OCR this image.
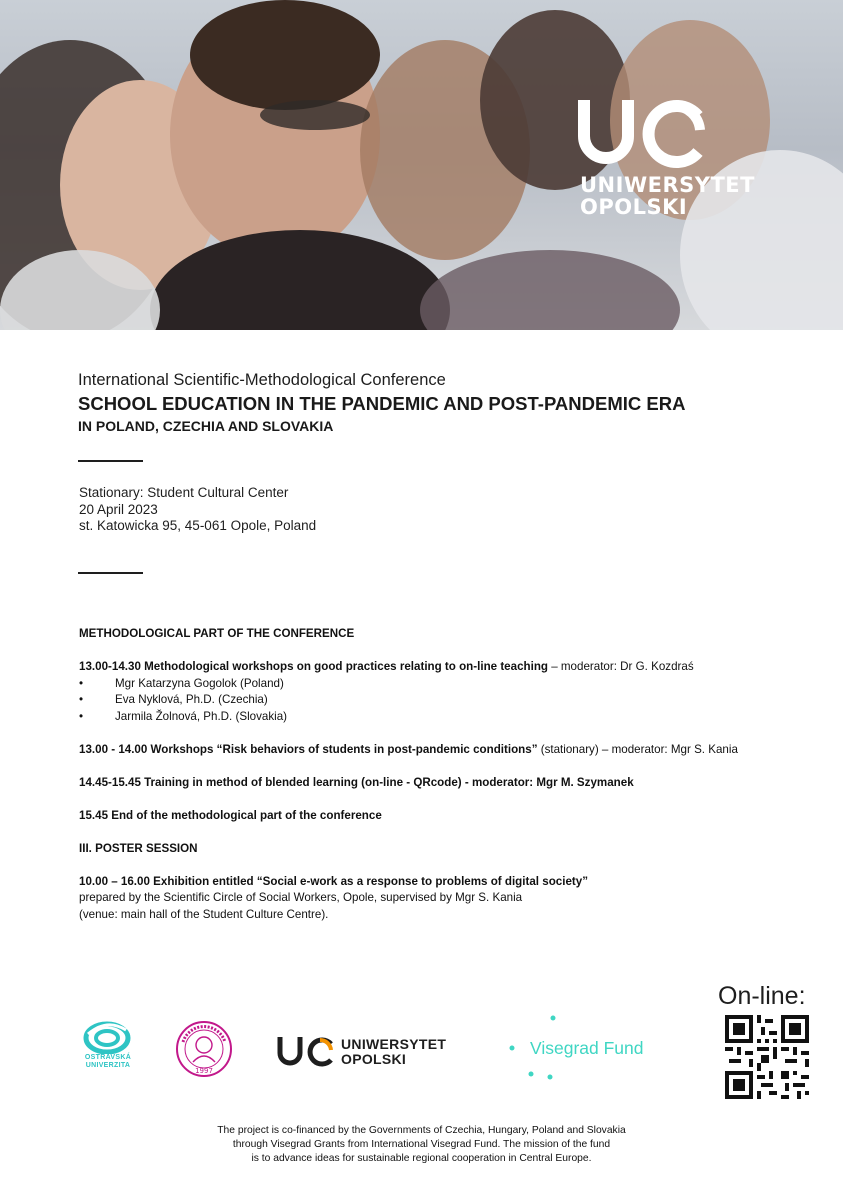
UNIWERSYTET
OPOLSKI
International Scientific-Methodological Conference
SCHOOL EDUCATION IN THE PANDEMIC AND POST-PANDEMIC ERA
IN POLAND, CZECHIA AND SLOVAKIA
Stationary: Student Cultural Center
20 April 2023
st. Katowicka 95, 45-061 Opole, Poland
METHODOLOGICAL PART OF THE CONFERENCE
13.00-14.30 Methodological workshops on good practices relating to on-line teaching – moderator: Dr G. Kozdraś
•	Mgr Katarzyna Gogolok (Poland)
•	Eva Nyklová, Ph.D. (Czechia)
•	Jarmila Žolnová, Ph.D. (Slovakia)
13.00 - 14.00 Workshops “Risk behaviors of students in post-pandemic conditions” (stationary) – moderator: Mgr S. Kania
14.45-15.45 Training in method of blended learning (on-line - QRcode) - moderator: Mgr M. Szymanek
15.45 End of the methodological part of the conference
III. POSTER SESSION
10.00 – 16.00 Exhibition entitled “Social e-work as a response to problems of digital society”
prepared by the Scientific Circle of Social Workers, Opole, supervised by Mgr S. Kania
(venue: main hall of the Student Culture Centre).
On-line:
OSTRAVSKÁ
UNIVERZITA
1997
UNIWERSYTET
OPOLSKI
Visegrad Fund
The project is co-financed by the Governments of Czechia, Hungary, Poland and Slovakia
through Visegrad Grants from International Visegrad Fund. The mission of the fund
is to advance ideas for sustainable regional cooperation in Central Europe.
